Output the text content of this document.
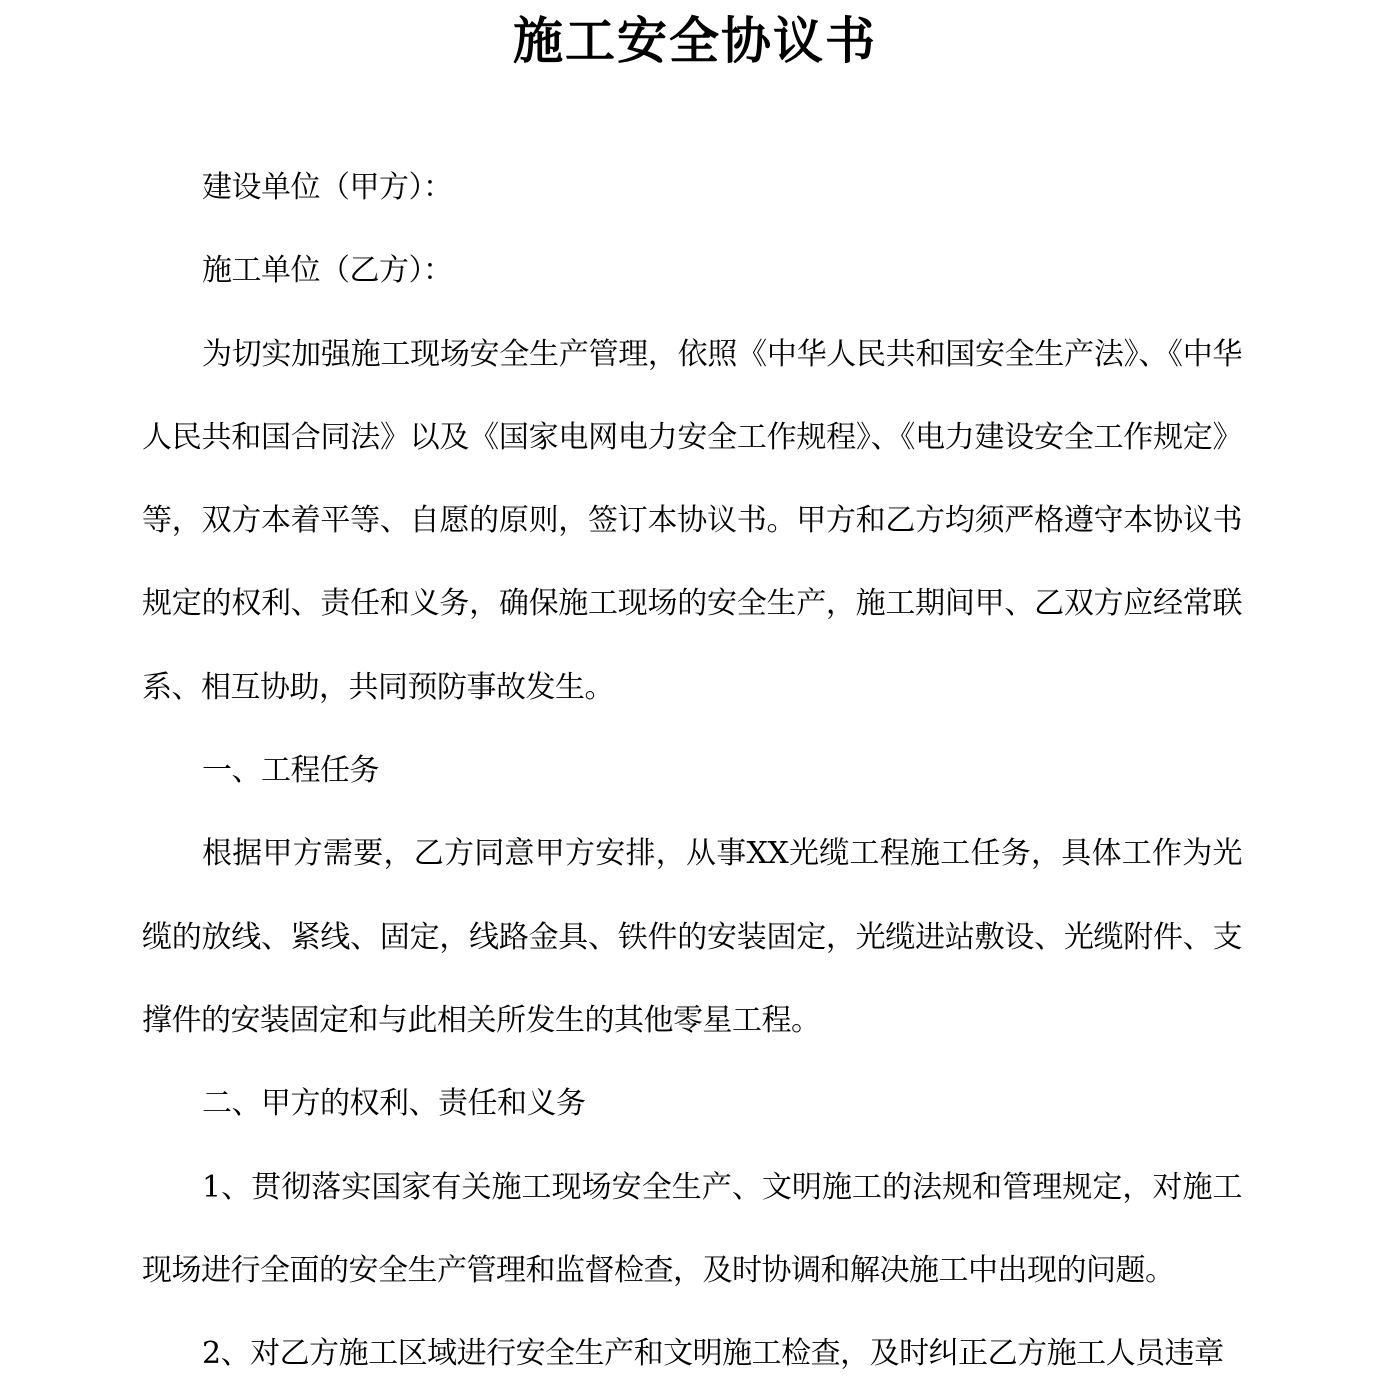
施工安全协议书

建设单位（甲方）：

施工单位（乙方）：

为切实加强施工现场安全生产管理，依照《中华人民共和国安全生产法》、《中华人民共和国合同法》以及《国家电网电力安全工作规程》、《电力建设安全工作规定》等，双方本着平等、自愿的原则，签订本协议书。甲方和乙方均须严格遵守本协议书规定的权利、责任和义务，确保施工现场的安全生产，施工期间甲、乙双方应经常联系、相互协助，共同预防事故发生。

一、工程任务

根据甲方需要，乙方同意甲方安排，从事XX光缆工程施工任务，具体工作为光缆的放线、紧线、固定，线路金具、铁件的安装固定，光缆进站敷设、光缆附件、支撑件的安装固定和与此相关所发生的其他零星工程。

二、甲方的权利、责任和义务

1、贯彻落实国家有关施工现场安全生产、文明施工的法规和管理规定，对施工现场进行全面的安全生产管理和监督检查，及时协调和解决施工中出现的问题。

2、对乙方施工区域进行安全生产和文明施工检查，及时纠正乙方施工人员违章
